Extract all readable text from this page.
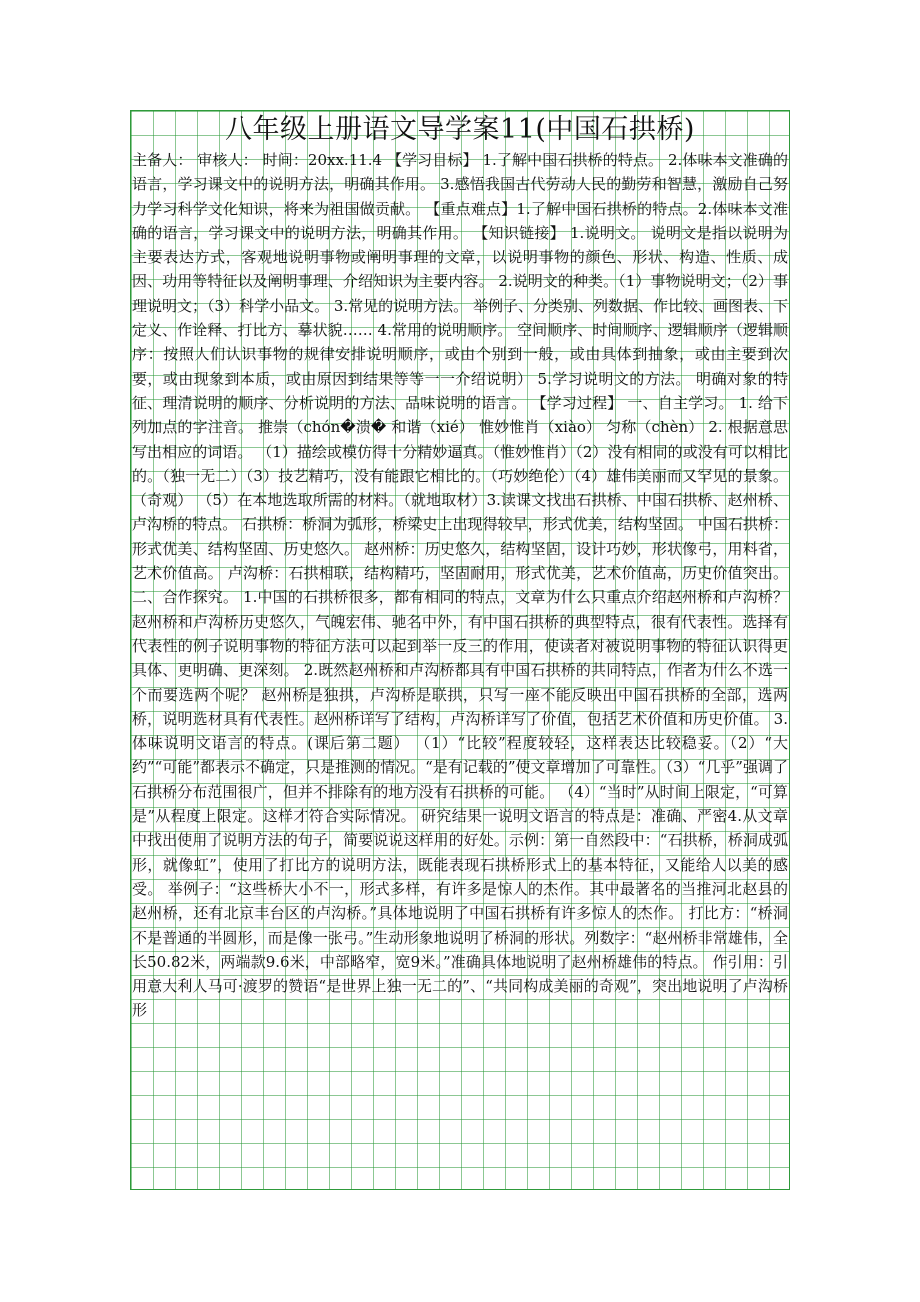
八年级上册语文导学案11(中国石拱桥)

主备人： 审核人： 时间：20xx.11.4 【学习目标】 1.了解中国石拱桥的特点。 2.体味本文准确的语言，学习课文中的说明方法，明确其作用。 3.感悟我国古代劳动人民的勤劳和智慧，激励自己努力学习科学文化知识，将来为祖国做贡献。 【重点难点】1.了解中国石拱桥的特点。2.体味本文准确的语言，学习课文中的说明方法，明确其作用。 【知识链接】 1.说明文。 说明文是指以说明为主要表达方式，客观地说明事物或阐明事理的文章，以说明事物的颜色、形状、构造、性质、成因、功用等特征以及阐明事理、介绍知识为主要内容。 2.说明文的种类。（1）事物说明文；（2）事理说明文；（3）科学小品文。 3.常见的说明方法。 举例子、分类别、列数据、作比较、画图表、下定义、作诠释、打比方、摹状貌…… 4.常用的说明顺序。 空间顺序、时间顺序、逻辑顺序（逻辑顺序：按照人们认识事物的规律安排说明顺序，或由个别到一般，或由具体到抽象，或由主要到次要，或由现象到本质，或由原因到结果等等一一介绍说明） 5.学习说明文的方法。 明确对象的特征、理清说明的顺序、分析说明的方法、品味说明的语言。 【学习过程】 一、自主学习。 1. 给下列加点的字注音。 推崇（chón�溃� 和谐（xié） 惟妙惟肖（xiào） 匀称（chèn） 2. 根据意思写出相应的词语。 （1）描绘或模仿得十分精妙逼真。（惟妙惟肖）（2）没有相同的或没有可以相比的。（独一无二）（3）技艺精巧，没有能跟它相比的。（巧妙绝伦）（4）雄伟美丽而又罕见的景象。（奇观） （5）在本地选取所需的材料。（就地取材）3.读课文找出石拱桥、中国石拱桥、赵州桥、卢沟桥的特点。 石拱桥：桥洞为弧形，桥梁史上出现得较早，形式优美，结构坚固。 中国石拱桥：形式优美、结构坚固、历史悠久。 赵州桥：历史悠久，结构坚固，设计巧妙，形状像弓，用料省，艺术价值高。 卢沟桥：石拱相联，结构精巧，坚固耐用，形式优美，艺术价值高，历史价值突出。 二、合作探究。 1.中国的石拱桥很多，都有相同的特点，文章为什么只重点介绍赵州桥和卢沟桥？ 赵州桥和卢沟桥历史悠久，气魄宏伟、驰名中外，有中国石拱桥的典型特点，很有代表性。选择有代表性的例子说明事物的特征方法可以起到举一反三的作用，使读者对被说明事物的特征认识得更具体、更明确、更深刻。 2.既然赵州桥和卢沟桥都具有中国石拱桥的共同特点，作者为什么不选一个而要选两个呢？ 赵州桥是独拱，卢沟桥是联拱，只写一座不能反映出中国石拱桥的全部，选两桥，说明选材具有代表性。赵州桥详写了结构，卢沟桥详写了价值，包括艺术价值和历史价值。 3.体味说明文语言的特点。(课后第二题） （1）“比较”程度较轻，这样表达比较稳妥。（2）“大约”“可能”都表示不确定，只是推测的情况。“是有记载的”使文章增加了可靠性。（3）“几乎”强调了石拱桥分布范围很广，但并不排除有的地方没有石拱桥的可能。 （4）“当时”从时间上限定，“可算是”从程度上限定。这样才符合实际情况。 研究结果一说明文语言的特点是：准确、严密4.从文章中找出使用了说明方法的句子，简要说说这样用的好处。示例：第一自然段中：“石拱桥，桥洞成弧形，就像虹”，使用了打比方的说明方法，既能表现石拱桥形式上的基本特征，又能给人以美的感受。 举例子：“这些桥大小不一，形式多样，有许多是惊人的杰作。其中最著名的当推河北赵县的赵州桥，还有北京丰台区的卢沟桥。”具体地说明了中国石拱桥有许多惊人的杰作。 打比方：“桥洞不是普通的半圆形，而是像一张弓。”生动形象地说明了桥洞的形状。列数字：“赵州桥非常雄伟，全长50.82米，两端款9.6米，中部略窄，宽9米。”准确具体地说明了赵州桥雄伟的特点。 作引用：引用意大利人马可·渡罗的赞语“是世界上独一无二的”、“共同构成美丽的奇观”，突出地说明了卢沟桥形
